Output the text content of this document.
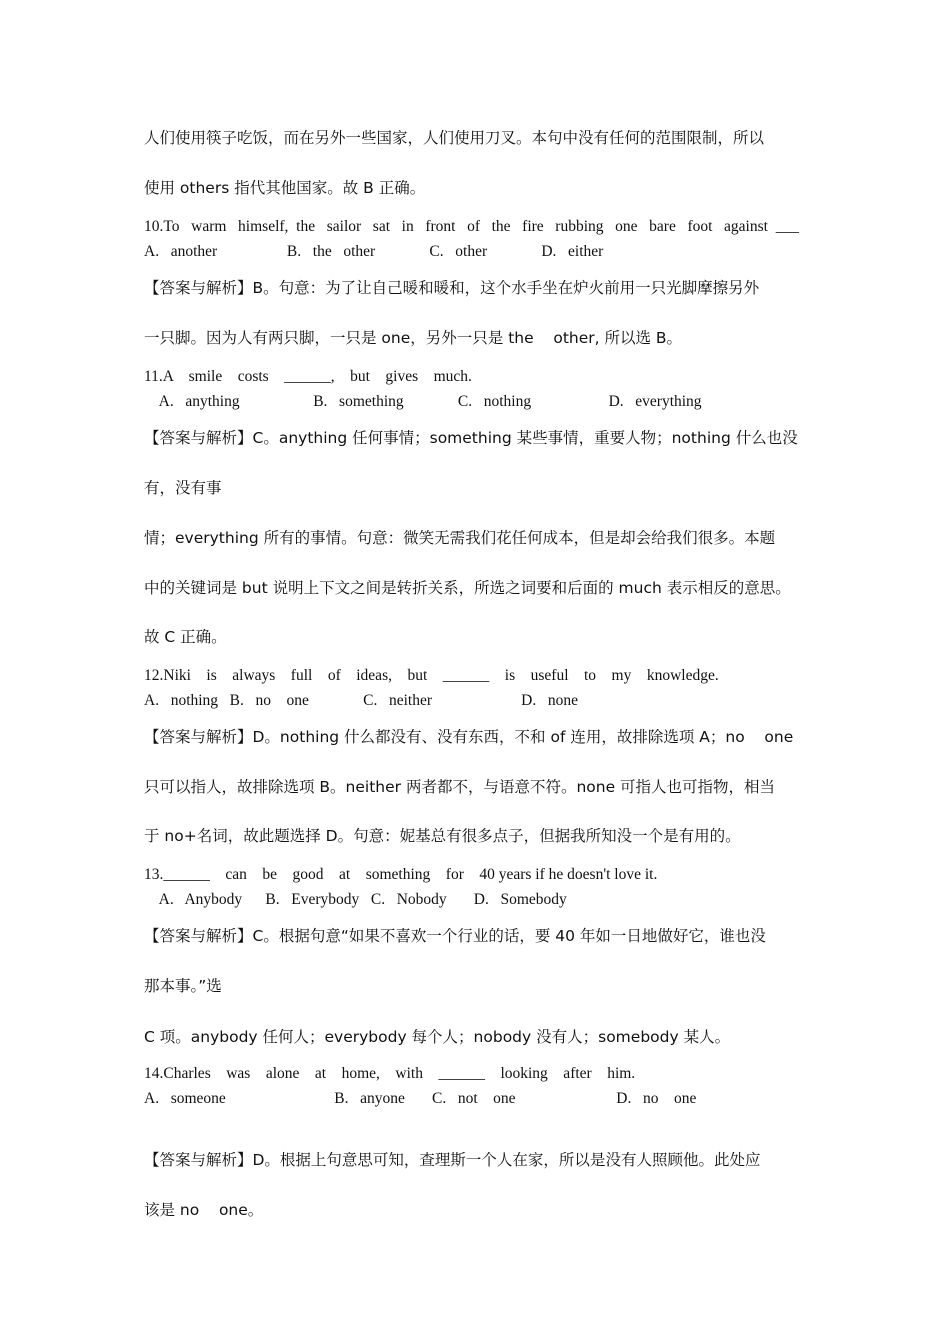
人们使用筷子吃饭，而在另外一些国家，人们使用刀叉。本句中没有任何的范围限制，所以
使用 others 指代其他国家。故 B 正确。
10.To   warm   himself,  the   sailor   sat   in   front   of   the   fire   rubbing   one   bare   foot   against  ___
A.   another                  B.   the   other              C.   other              D.   either
【答案与解析】B。句意：为了让自己暖和暖和，这个水手坐在炉火前用一只光脚摩擦另外
一只脚。因为人有两只脚，一只是 one，另外一只是 the    other, 所以选 B。
11.A    smile    costs    ______,    but    gives    much.
A.   anything                   B.   something              C.   nothing                    D.   everything
【答案与解析】C。anything 任何事情；something 某些事情，重要人物；nothing 什么也没
有，没有事
情；everything 所有的事情。句意：微笑无需我们花任何成本，但是却会给我们很多。本题
中的关键词是 but 说明上下文之间是转折关系，所选之词要和后面的 much 表示相反的意思。
故 C 正确。
12.Niki    is    always    full    of    ideas,    but    ______    is    useful    to    my    knowledge.
A.   nothing   B.   no    one              C.   neither                       D.   none
【答案与解析】D。nothing 什么都没有、没有东西，不和 of 连用，故排除选项 A；no    one
只可以指人，故排除选项 B。neither 两者都不，与语意不符。none 可指人也可指物，相当
于 no+名词，故此题选择 D。句意：妮基总有很多点子，但据我所知没一个是有用的。
13.______    can    be    good    at    something    for    40 years if he doesn't love it.
A.   Anybody      B.   Everybody   C.   Nobody       D.   Somebody
【答案与解析】C。根据句意“如果不喜欢一个行业的话，要 40 年如一日地做好它，谁也没
那本事。”选
C 项。anybody 任何人；everybody 每个人；nobody 没有人；somebody 某人。
14.Charles    was    alone    at    home,    with    ______    looking    after    him.
A.   someone                            B.   anyone       C.   not    one                          D.   no    one
【答案与解析】D。根据上句意思可知，查理斯一个人在家，所以是没有人照顾他。此处应
该是 no    one。
